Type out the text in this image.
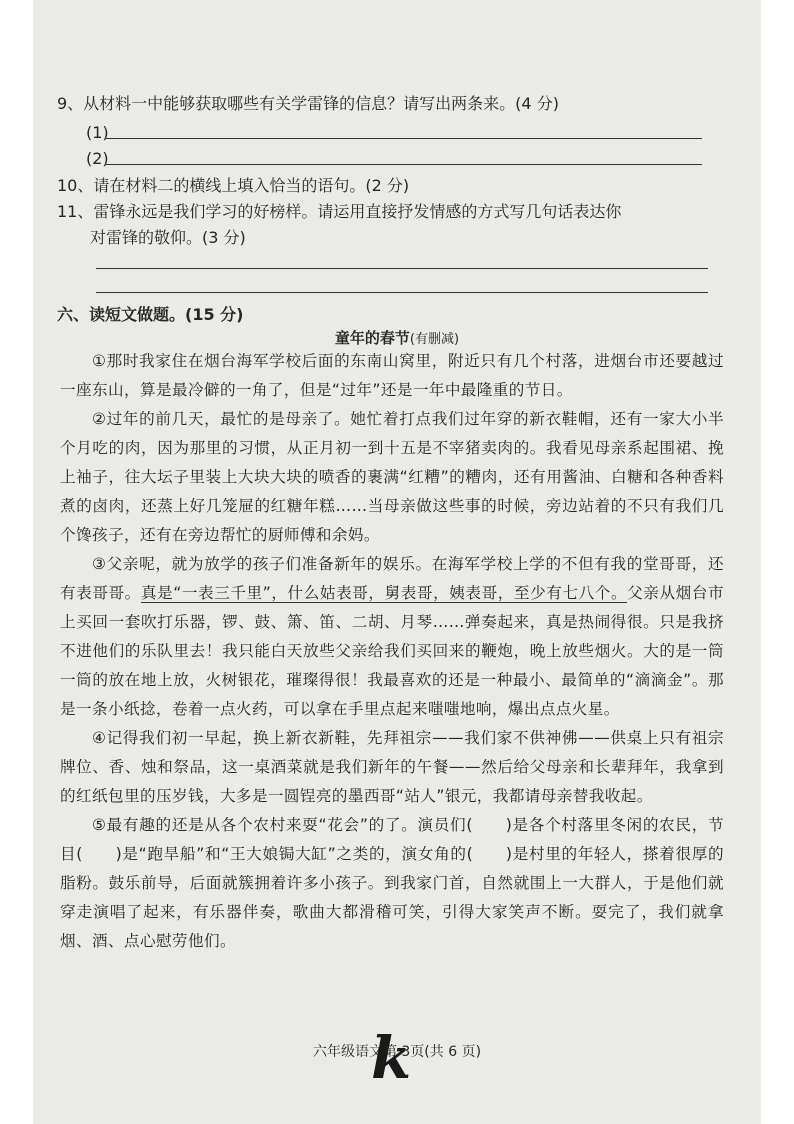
9、从材料一中能够获取哪些有关学雷锋的信息？请写出两条来。(4 分)
(1)
(2)
10、请在材料二的横线上填入恰当的语句。(2 分)
11、雷锋永远是我们学习的好榜样。请运用直接抒发情感的方式写几句话表达你
对雷锋的敬仰。(3 分)
六、读短文做题。(15 分)
童年的春节(有删减)

①那时我家住在烟台海军学校后面的东南山窝里，附近只有几个村落，进烟台市还要越过一座东山，算是最冷僻的一角了，但是“过年”还是一年中最隆重的节日。

②过年的前几天，最忙的是母亲了。她忙着打点我们过年穿的新衣鞋帽，还有一家大小半个月吃的肉，因为那里的习惯，从正月初一到十五是不宰猪卖肉的。我看见母亲系起围裙、挽上袖子，往大坛子里装上大块大块的喷香的裹满“红糟”的糟肉，还有用酱油、白糖和各种香料煮的卤肉，还蒸上好几笼屉的红糖年糕……当母亲做这些事的时候，旁边站着的不只有我们几个馋孩子，还有在旁边帮忙的厨师傅和余妈。

③父亲呢，就为放学的孩子们准备新年的娱乐。在海军学校上学的不但有我的堂哥哥，还有表哥哥。真是“一表三千里”，什么姑表哥，舅表哥，姨表哥，至少有七八个。父亲从烟台市上买回一套吹打乐器，锣、鼓、箫、笛、二胡、月琴……弹奏起来，真是热闹得很。只是我挤不进他们的乐队里去！我只能白天放些父亲给我们买回来的鞭炮，晚上放些烟火。大的是一筒一筒的放在地上放，火树银花，璀璨得很！我最喜欢的还是一种最小、最简单的“滴滴金”。那是一条小纸捻，卷着一点火药，可以拿在手里点起来嗤嗤地响，爆出点点火星。

④记得我们初一早起，换上新衣新鞋，先拜祖宗——我们家不供神佛——供桌上只有祖宗牌位、香、烛和祭品，这一桌酒菜就是我们新年的午餐——然后给父母亲和长辈拜年，我拿到的红纸包里的压岁钱，大多是一圆锃亮的墨西哥“站人”银元，我都请母亲替我收起。

⑤最有趣的还是从各个农村来耍“花会”的了。演员们(　　)是各个村落里冬闲的农民，节目(　　)是“跑旱船”和“王大娘锔大缸”之类的，演女角的(　　)是村里的年轻人，搽着很厚的脂粉。鼓乐前导，后面就簇拥着许多小孩子。到我家门首，自然就围上一大群人，于是他们就穿走演唱了起来，有乐器伴奏，歌曲大都滑稽可笑，引得大家笑声不断。耍完了，我们就拿烟、酒、点心慰劳他们。

六年级语文第 3页(共 6 页)
k
